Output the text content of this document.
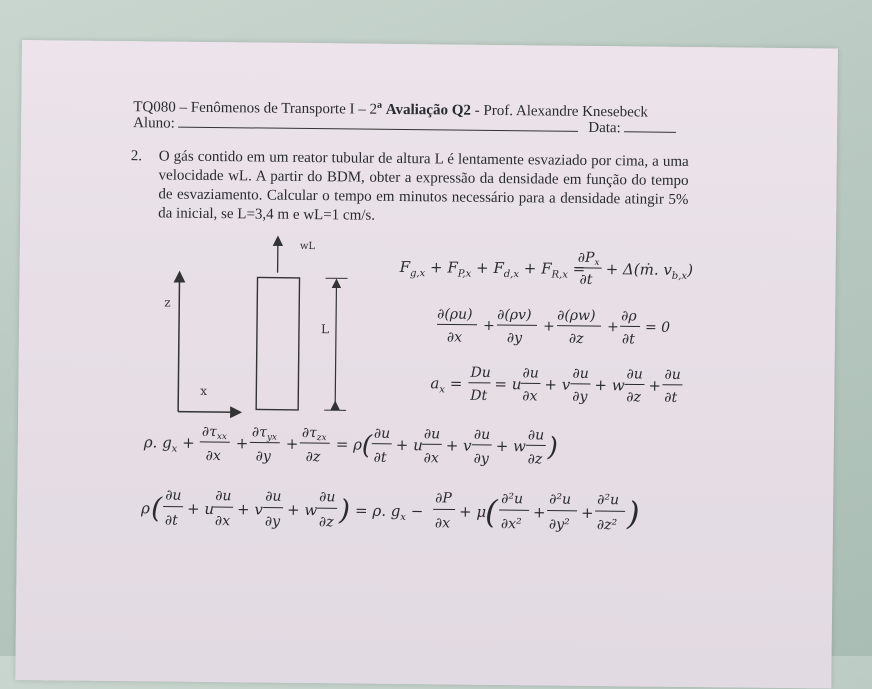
TQ080 – Fenômenos de Transporte I – 2$^a$ Avaliação Q2 - Prof. Alexandre Knesebeck
Aluno:	Data:
2. O gás contido em um reator tubular de altura L é lentamente esvaziado por cima, a uma velocidade wL. A partir do BDM, obter a expressão da densidade em função do tempo de esvaziamento. Calcular o tempo em minutos necessário para a densidade atingir 5% da inicial, se L=3,4 m e wL=1 cm/s.
z
x
wL
L
$F_{g,x} + F_{P,x} + F_{d,x} + F_{R,x}$ =
$\partial P_x$
∂t
+ Δ(ṁ. $v_{b,x}$)
∂(ρu)
∂x
+
∂(ρv)
∂y
+
∂(ρw)
∂z
+
∂ρ
∂t
= 0
$a_x$ =
Du
Dt
= u
∂u
∂x
+ v
∂u
∂y
+ w
∂u
∂z
+
∂u
∂t
ρ. $g_x$ +
$\partial\tau_{xx}$
∂x
+
$\partial\tau_{yx}$
∂y
+
$\partial\tau_{zx}$
∂z
= ρ ( ∂u
∂t
+ u
∂u
∂x
+ v
∂u
∂y
+ w
∂u
∂z )
ρ ( ∂u
∂t
+ u
∂u
∂x
+ v
∂u
∂y
+ w
∂u
∂z ) = ρ. $g_x$ −
∂P
∂x
+ μ
( ∂²u
∂x²
+
∂²u
∂y²
+
∂²u
∂z² )
